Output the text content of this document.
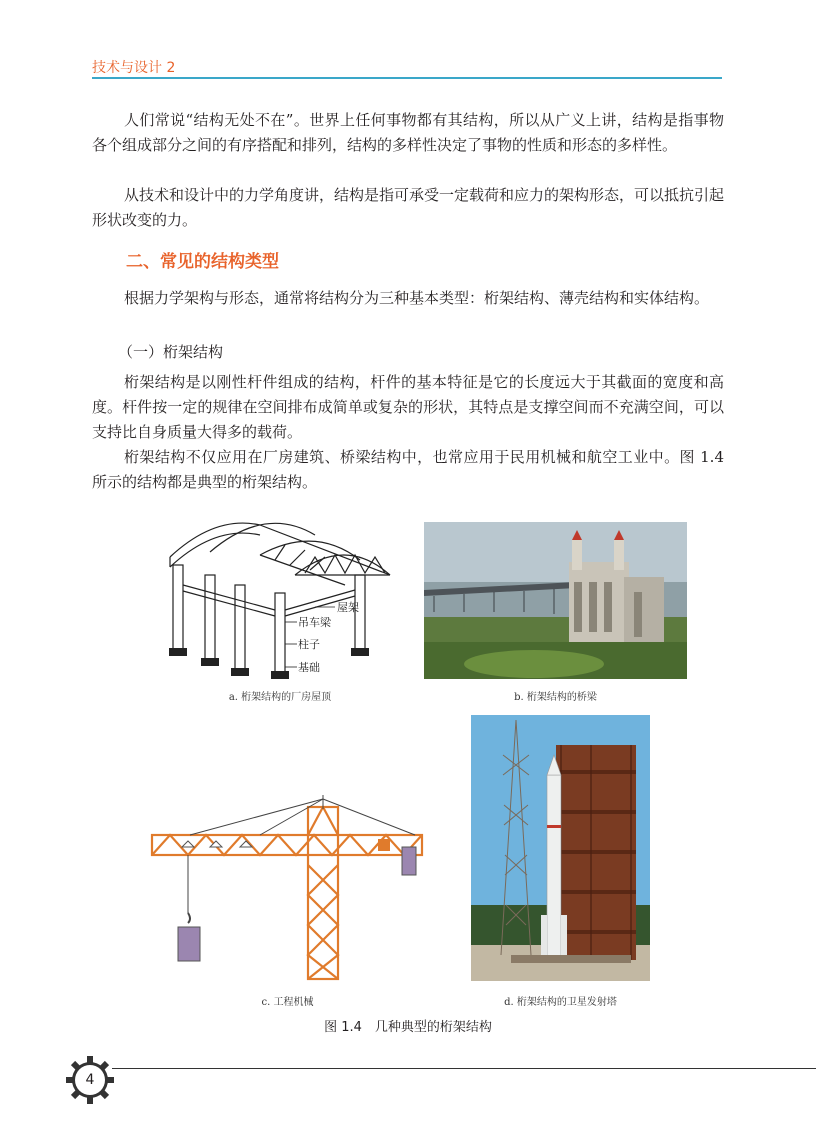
技术与设计 2

人们常说“结构无处不在”。世界上任何事物都有其结构，所以从广义上讲，结构是指事物各个组成部分之间的有序搭配和排列，结构的多样性决定了事物的性质和形态的多样性。

从技术和设计中的力学角度讲，结构是指可承受一定载荷和应力的架构形态，可以抵抗引起形状改变的力。

二、常见的结构类型

根据力学架构与形态，通常将结构分为三种基本类型：桁架结构、薄壳结构和实体结构。

（一）桁架结构

桁架结构是以刚性杆件组成的结构，杆件的基本特征是它的长度远大于其截面的宽度和高度。杆件按一定的规律在空间排布成简单或复杂的形状，其特点是支撑空间而不充满空间，可以支持比自身质量大得多的载荷。

桁架结构不仅应用在厂房建筑、桥梁结构中，也常应用于民用机械和航空工业中。图 1.4 所示的结构都是典型的桁架结构。

屋架
吊车梁
柱子
基础
a. 桁架结构的厂房屋顶	b. 桁架结构的桥梁
c. 工程机械	d. 桁架结构的卫星发射塔
图 1.4　几种典型的桁架结构
4
